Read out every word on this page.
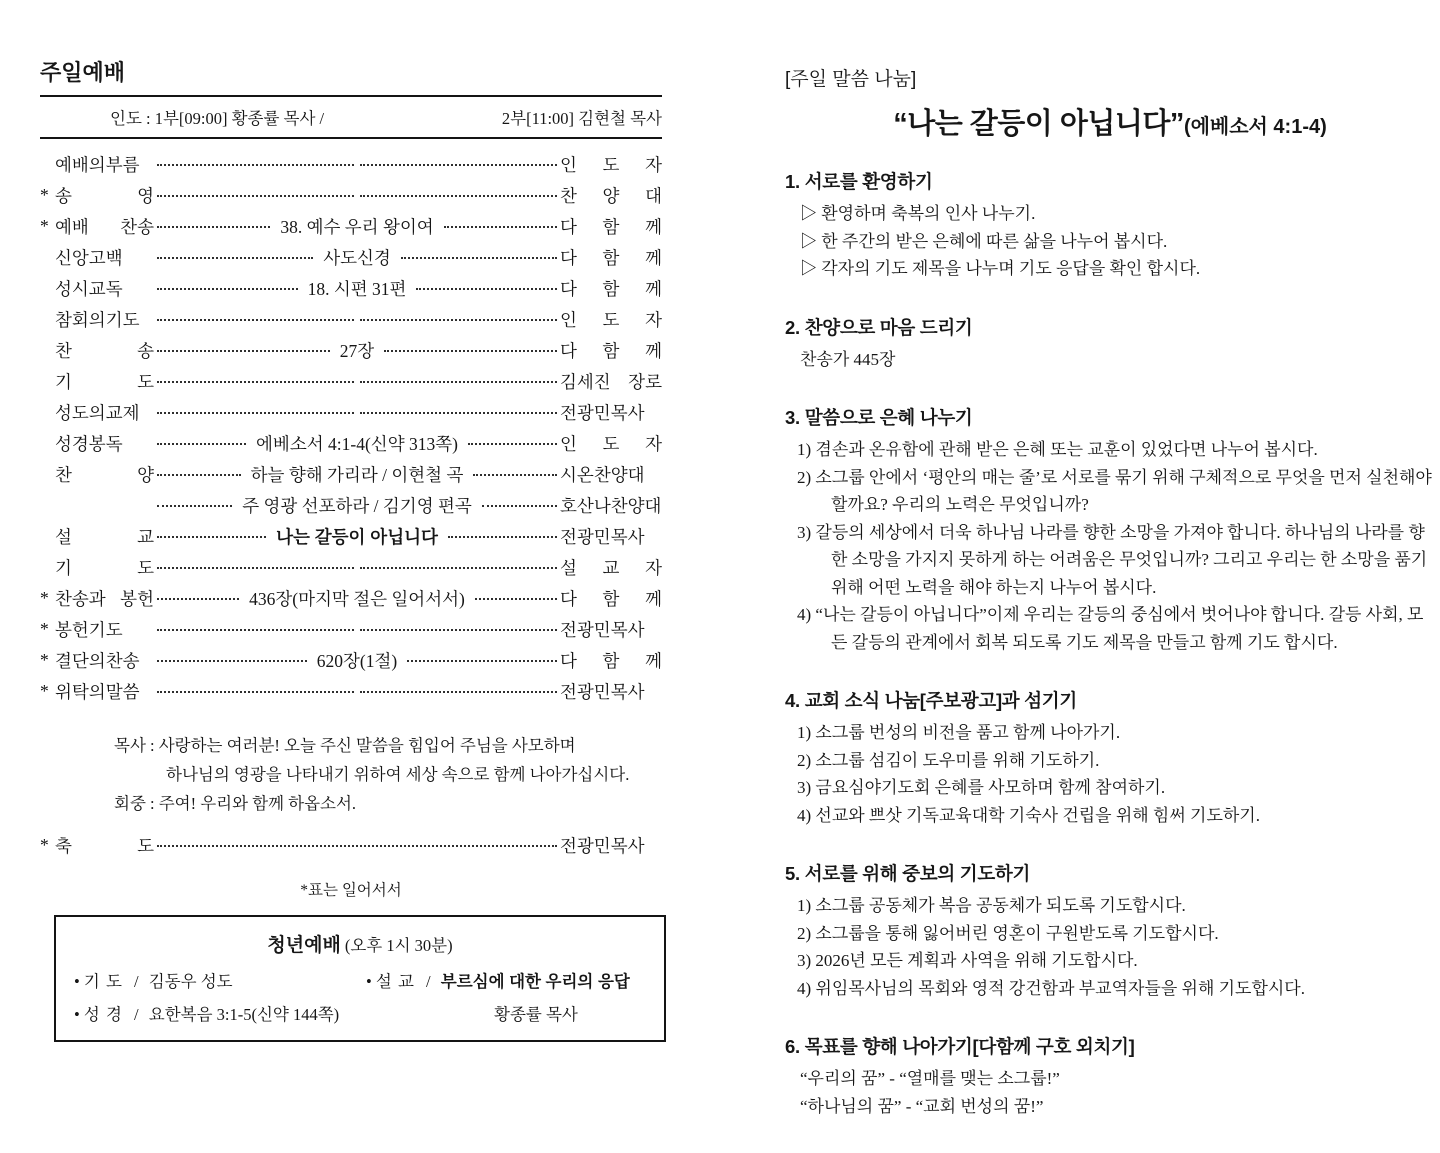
주일예배
인도 : 1부[09:00] 황종률 목사 /	2부[11:00] 김현철 목사
예배의부름	인 도 자
* 송 영	찬 양 대
* 예배 찬송	38. 예수 우리 왕이여	다 함 께
신앙고백	사도신경	다 함 께
성시교독	18. 시편 31편	다 함 께
참회의기도	인 도 자
찬 송	27장	다 함 께
기 도	김세진 장로
성도의교제	전광민목사
성경봉독	에베소서 4:1-4(신약 313쪽)	인 도 자
찬 양	하늘 향해 가리라 / 이현철 곡	시온찬양대
주 영광 선포하라 / 김기영 편곡	호산나찬양대
설 교	나는 갈등이 아닙니다	전광민목사
기 도	설 교 자
* 찬송과 봉헌	436장(마지막 절은 일어서서)	다 함 께
* 봉헌기도	전광민목사
* 결단의찬송	620장(1절)	다 함 께
* 위탁의말씀	전광민목사
목사 : 사랑하는 여러분! 오늘 주신 말씀을 힘입어 주님을 사모하며
하나님의 영광을 나타내기 위하여 세상 속으로 함께 나아가십시다.
회중 : 주여! 우리와 함께 하옵소서.
* 축 도	전광민목사
*표는 일어서서
청년예배 (오후 1시 30분)
• 기 도 / 김동우 성도	• 설 교 / 부르심에 대한 우리의 응답
• 성 경 / 요한복음 3:1-5(신약 144쪽)	황종률 목사
[주일 말씀 나눔]
“나는 갈등이 아닙니다”(에베소서 4:1-4)
1. 서로를 환영하기
▷ 환영하며 축복의 인사 나누기.
▷ 한 주간의 받은 은혜에 따른 삶을 나누어 봅시다.
▷ 각자의 기도 제목을 나누며 기도 응답을 확인 합시다.
2. 찬양으로 마음 드리기
찬송가 445장
3. 말씀으로 은혜 나누기
1) 겸손과 온유함에 관해 받은 은혜 또는 교훈이 있었다면 나누어 봅시다.
2) 소그룹 안에서 ‘평안의 매는 줄’로 서로를 묶기 위해 구체적으로 무엇을 먼저 실천해야 할까요? 우리의 노력은 무엇입니까?
3) 갈등의 세상에서 더욱 하나님 나라를 향한 소망을 가져야 합니다. 하나님의 나라를 향한 소망을 가지지 못하게 하는 어려움은 무엇입니까? 그리고 우리는 한 소망을 품기 위해 어떤 노력을 해야 하는지 나누어 봅시다.
4) “나는 갈등이 아닙니다”이제 우리는 갈등의 중심에서 벗어나야 합니다. 갈등 사회, 모든 갈등의 관계에서 회복 되도록 기도 제목을 만들고 함께 기도 합시다.
4. 교회 소식 나눔[주보광고]과 섬기기
1) 소그룹 번성의 비전을 품고 함께 나아가기.
2) 소그룹 섬김이 도우미를 위해 기도하기.
3) 금요심야기도회 은혜를 사모하며 함께 참여하기.
4) 선교와 쁘삿 기독교육대학 기숙사 건립을 위해 힘써 기도하기.
5. 서로를 위해 중보의 기도하기
1) 소그룹 공동체가 복음 공동체가 되도록 기도합시다.
2) 소그룹을 통해 잃어버린 영혼이 구원받도록 기도합시다.
3) 2026년 모든 계획과 사역을 위해 기도합시다.
4) 위임목사님의 목회와 영적 강건함과 부교역자들을 위해 기도합시다.
6. 목표를 향해 나아가기[다함께 구호 외치기]
“우리의 꿈” - “열매를 맺는 소그룹!”
“하나님의 꿈” - “교회 번성의 꿈!”
